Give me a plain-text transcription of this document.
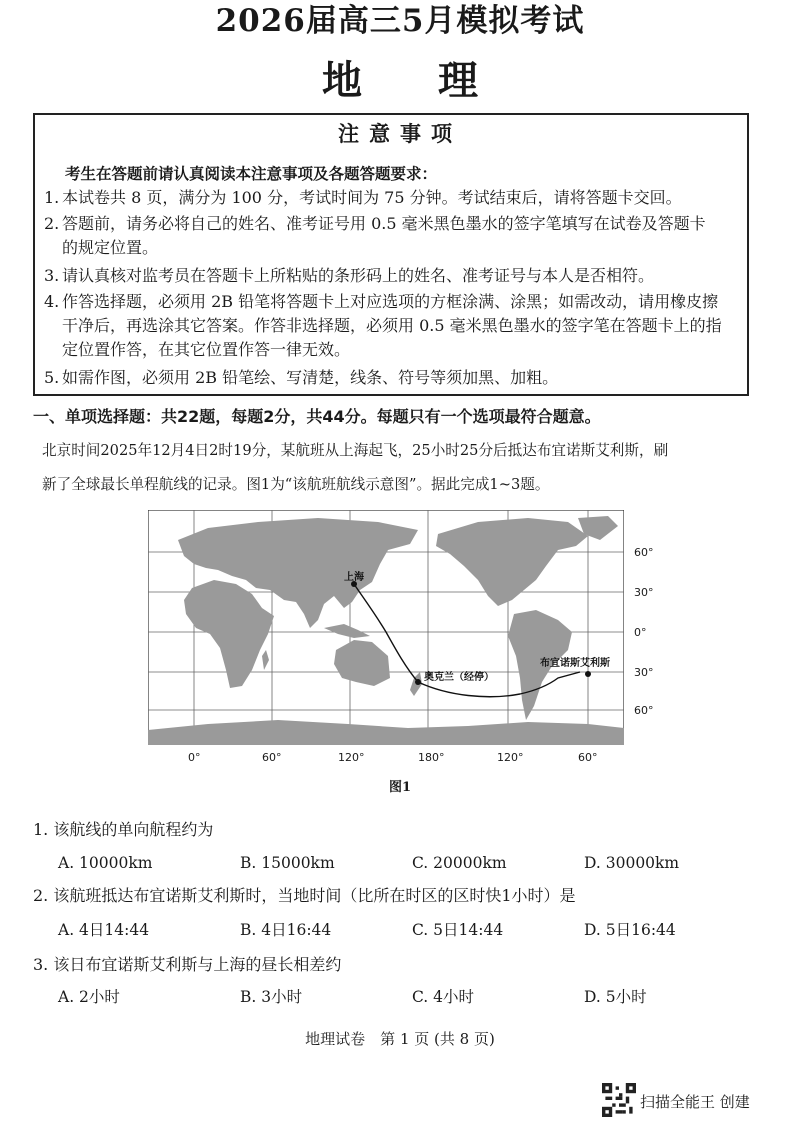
2026届高三5月模拟考试
地 理
注意事项
考生在答题前请认真阅读本注意事项及各题答题要求：
1. 本试卷共 8 页，满分为 100 分，考试时间为 75 分钟。考试结束后，请将答题卡交回。
2. 答题前，请务必将自己的姓名、准考证号用 0.5 毫米黑色墨水的签字笔填写在试卷及答题卡
的规定位置。
3. 请认真核对监考员在答题卡上所粘贴的条形码上的姓名、准考证号与本人是否相符。
4. 作答选择题，必须用 2B 铅笔将答题卡上对应选项的方框涂满、涂黑；如需改动，请用橡皮擦
干净后，再选涂其它答案。作答非选择题，必须用 0.5 毫米黑色墨水的签字笔在答题卡上的指
定位置作答，在其它位置作答一律无效。
5. 如需作图，必须用 2B 铅笔绘、写清楚，线条、符号等须加黑、加粗。
一、单项选择题：共22题，每题2分，共44分。每题只有一个选项最符合题意。
北京时间2025年12月4日2时19分，某航班从上海起飞，25小时25分后抵达布宜诺斯艾利斯，刷
新了全球最长单程航线的记录。图1为“该航班航线示意图”。据此完成1~3题。
上海
奥克兰（经停）
布宜诺斯艾利斯
60°
30°
0°
30°
60°
0°	60°	120°	180°	120°	60°
图1
1. 该航线的单向航程约为
A. 10000km	B. 15000km	C. 20000km	D. 30000km
2. 该航班抵达布宜诺斯艾利斯时，当地时间（比所在时区的区时快1小时）是
A. 4日14:44	B. 4日16:44	C. 5日14:44	D. 5日16:44
3. 该日布宜诺斯艾利斯与上海的昼长相差约
A. 2小时	B. 3小时	C. 4小时	D. 5小时
地理试卷　第 1 页 (共 8 页)
扫描全能王 创建
